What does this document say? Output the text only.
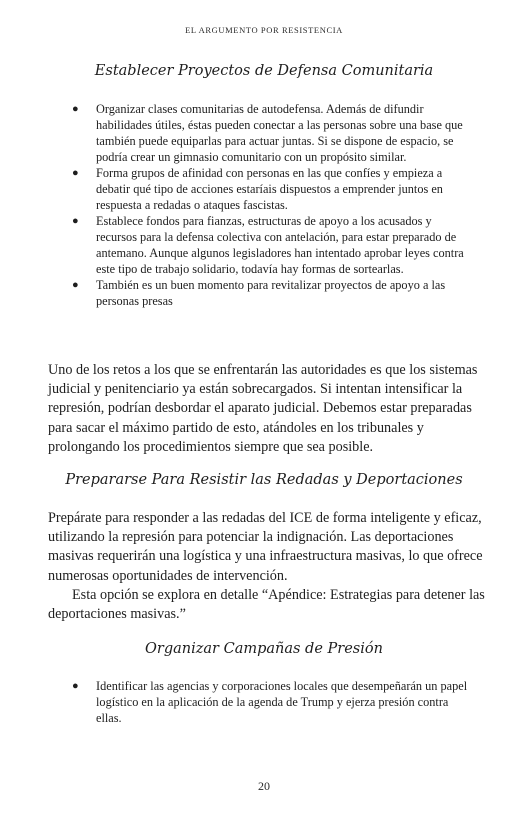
EL ARGUMENTO POR RESISTENCIA
Establecer Proyectos de Defensa Comunitaria
● Organizar clases comunitarias de autodefensa. Además de difundir habilidades útiles, éstas pueden conectar a las personas sobre una base que también puede equiparlas para actuar juntas. Si se dispone de espacio, se podría crear un gimnasio comunitario con un propósito similar.
● Forma grupos de afinidad con personas en las que confíes y empieza a debatir qué tipo de acciones estaríais dispuestos a emprender juntos en respuesta a redadas o ataques fascistas.
● Establece fondos para fianzas, estructuras de apoyo a los acusados y recursos para la defensa colectiva con antelación, para estar preparado de antemano. Aunque algunos legisladores han intentado aprobar leyes contra este tipo de trabajo solidario, todavía hay formas de sortearlas.
● También es un buen momento para revitalizar proyectos de apoyo a las personas presas

Uno de los retos a los que se enfrentarán las autoridades es que los sistemas judicial y penitenciario ya están sobrecargados. Si intentan intensificar la represión, podrían desbordar el aparato judicial. Debemos estar preparadas para sacar el máximo partido de esto, atándoles en los tribunales y prolongando los procedimientos siempre que sea posible.

Prepararse Para Resistir las Redadas y Deportaciones

Prepárate para responder a las redadas del ICE de forma inteligente y eficaz, utilizando la represión para potenciar la indignación. Las deportaciones masivas requerirán una logística y una infraestructura masivas, lo que ofrece numerosas oportunidades de intervención.

Esta opción se explora en detalle “Apéndice: Estrategias para detener las deportaciones masivas.”

Organizar Campañas de Presión
● Identificar las agencias y corporaciones locales que desempeñarán un papel logístico en la aplicación de la agenda de Trump y ejerza presión contra ellas.
20
